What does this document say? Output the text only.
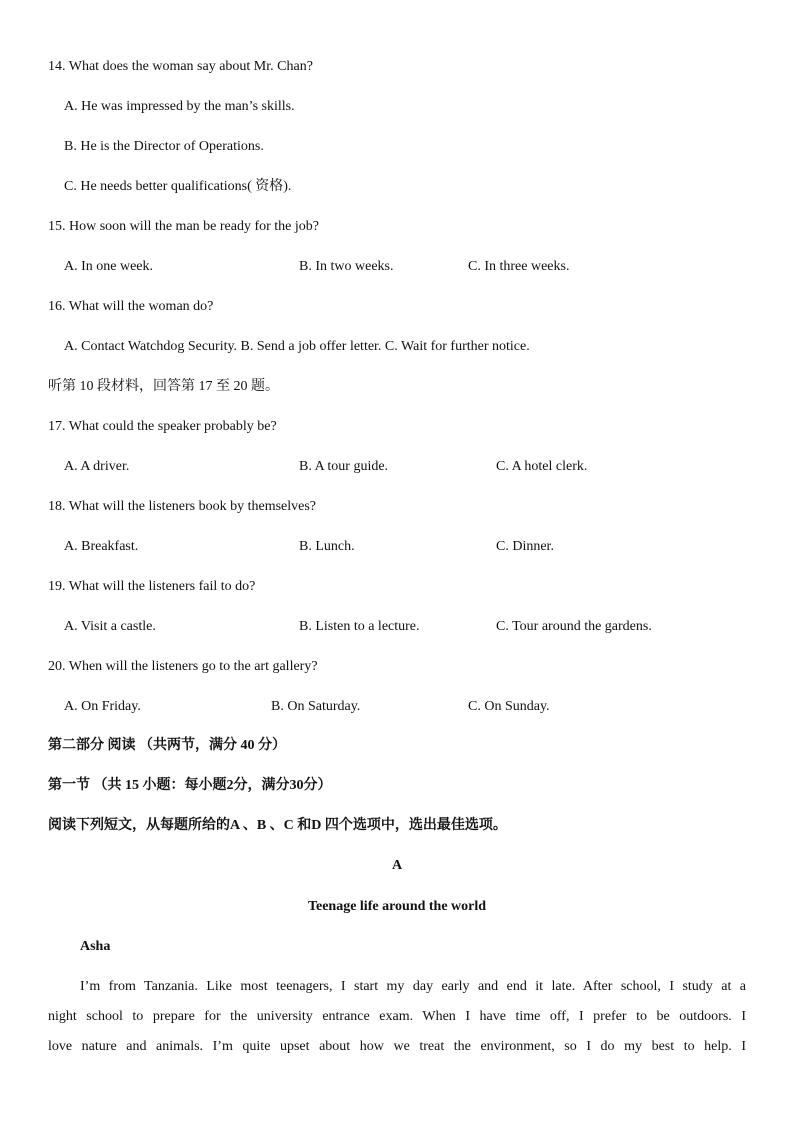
14. What does the woman say about Mr. Chan?
A. He was impressed by the man’s skills.
B. He is the Director of Operations.
C. He needs better qualifications( 资格).
15. How soon will the man be ready for the job?
A. In one week.	B. In two weeks.	C. In three weeks.
16. What will the woman do?
A. Contact Watchdog Security. B. Send a job offer letter. C. Wait for further notice.
听第 10 段材料，回答第 17 至 20 题。
17. What could the speaker probably be?
A. A driver.	B. A tour guide.	C. A hotel clerk.
18. What will the listeners book by themselves?
A. Breakfast.	B. Lunch.	C. Dinner.
19. What will the listeners fail to do?
A. Visit a castle.	B. Listen to a lecture.	C. Tour around the gardens.
20. When will the listeners go to the art gallery?
A. On Friday.	B. On Saturday.	C. On Sunday.
第二部分 阅读 （共两节，满分 40 分）
第一节 （共 15 小题：每小题2分，满分30分）
阅读下列短文，从每题所给的A 、B 、C 和D 四个选项中，选出最佳选项。
A
Teenage life around the world
Asha
I’m from Tanzania. Like most teenagers, I start my day early and end it late. After school, I study at a
night school to prepare for the university entrance exam. When I have time off, I prefer to be outdoors. I
love nature and animals. I’m quite upset about how we treat the environment, so I do my best to help. I
